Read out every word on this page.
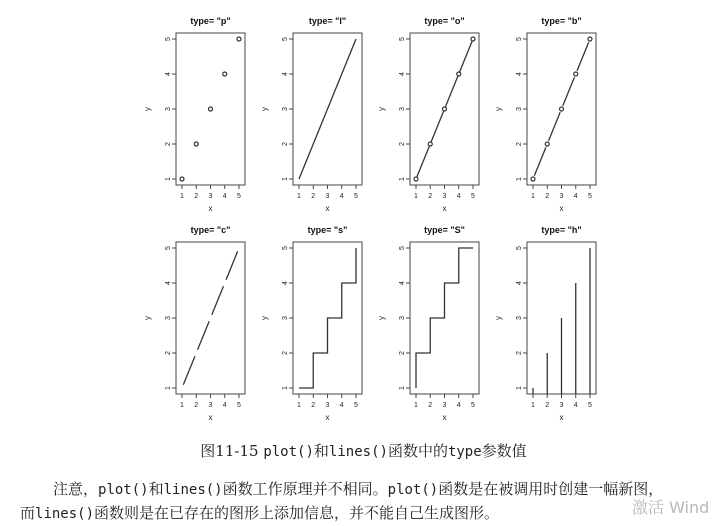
type= "p"
1 2 3 4 5
1
2
3
4
5
x
y
type= "l"
1 2 3 4 5
1
2
3
4
5
x
y
type= "o"
1 2 3 4 5
1
2
3
4
5
x
y
type= "b"
1 2 3 4 5
1
2
3
4
5
x
y
type= "c"
1 2 3 4 5
1
2
3
4
5
x
y
type= "s"
1 2 3 4 5
1
2
3
4
5
x
y
type= "S"
1 2 3 4 5
1
2
3
4
5
x
y
type= "h"
1 2 3 4 5
1
2
3
4
5
x
y
图11-15 plot()和lines()函数中的type参数值
注意，plot()和lines()函数工作原理并不相同。plot()函数是在被调用时创建一幅新图，
而lines()函数则是在已存在的图形上添加信息，并不能自己生成图形。	激活 Wind
